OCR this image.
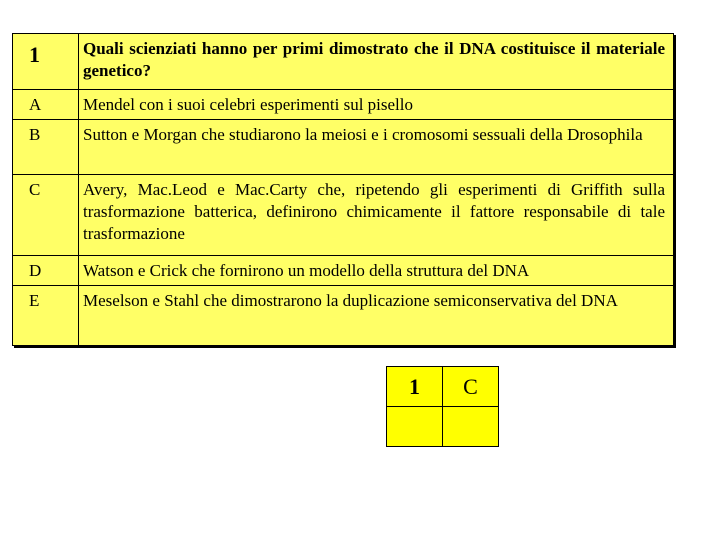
1	Quali scienziati hanno per primi dimostrato che il DNA costituisce il materiale genetico?
A	Mendel con i suoi celebri esperimenti sul pisello
B	Sutton e Morgan che studiarono la meiosi e i cromosomi sessuali della Drosophila
C	Avery, Mac.Leod e Mac.Carty che, ripetendo gli esperimenti di Griffith sulla trasformazione batterica, definirono chimicamente il fattore responsabile di tale trasformazione
D	Watson e Crick che fornirono un modello della struttura del DNA
E	Meselson e Stahl che dimostrarono la duplicazione semiconservativa del DNA
1	C
